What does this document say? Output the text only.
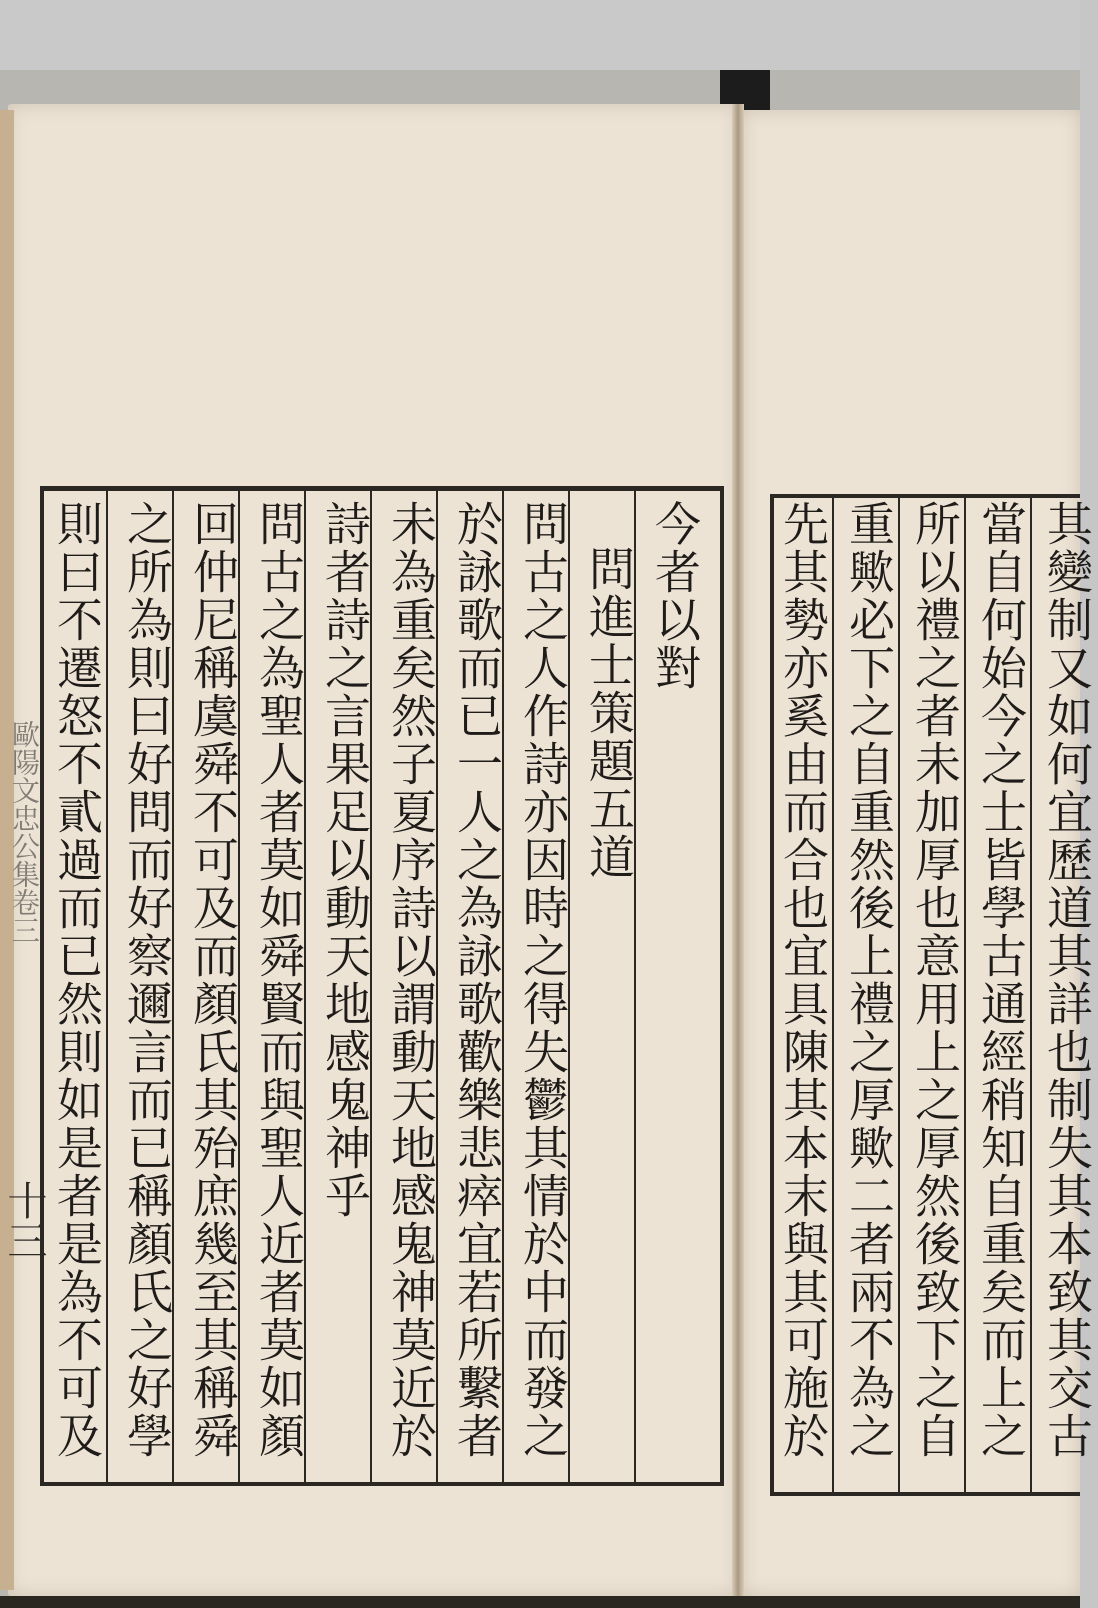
今者以對
問進士策題五道
問古之人作詩亦因時之得失鬱其情於中而發之
於詠歌而已一人之為詠歌歡樂悲瘁宜若所繫者
未為重矣然子夏序詩以謂動天地感鬼神莫近於
詩者詩之言果足以動天地感鬼神乎
問古之為聖人者莫如舜賢而與聖人近者莫如顏
回仲尼稱虞舜不可及而顏氏其殆庶幾至其稱舜
之所為則曰好問而好察邇言而已稱顏氏之好學
則曰不遷怒不貳過而已然則如是者是為不可及
歐陽文忠公集卷三
十三	其變制又如何宜歷道其詳也制失其本致其交古
當自何始今之士皆學古通經稍知自重矣而上之
所以禮之者未加厚也意用上之厚然後致下之自
重歟必下之自重然後上禮之厚歟二者兩不為之
先其勢亦奚由而合也宜具陳其本末與其可施於
